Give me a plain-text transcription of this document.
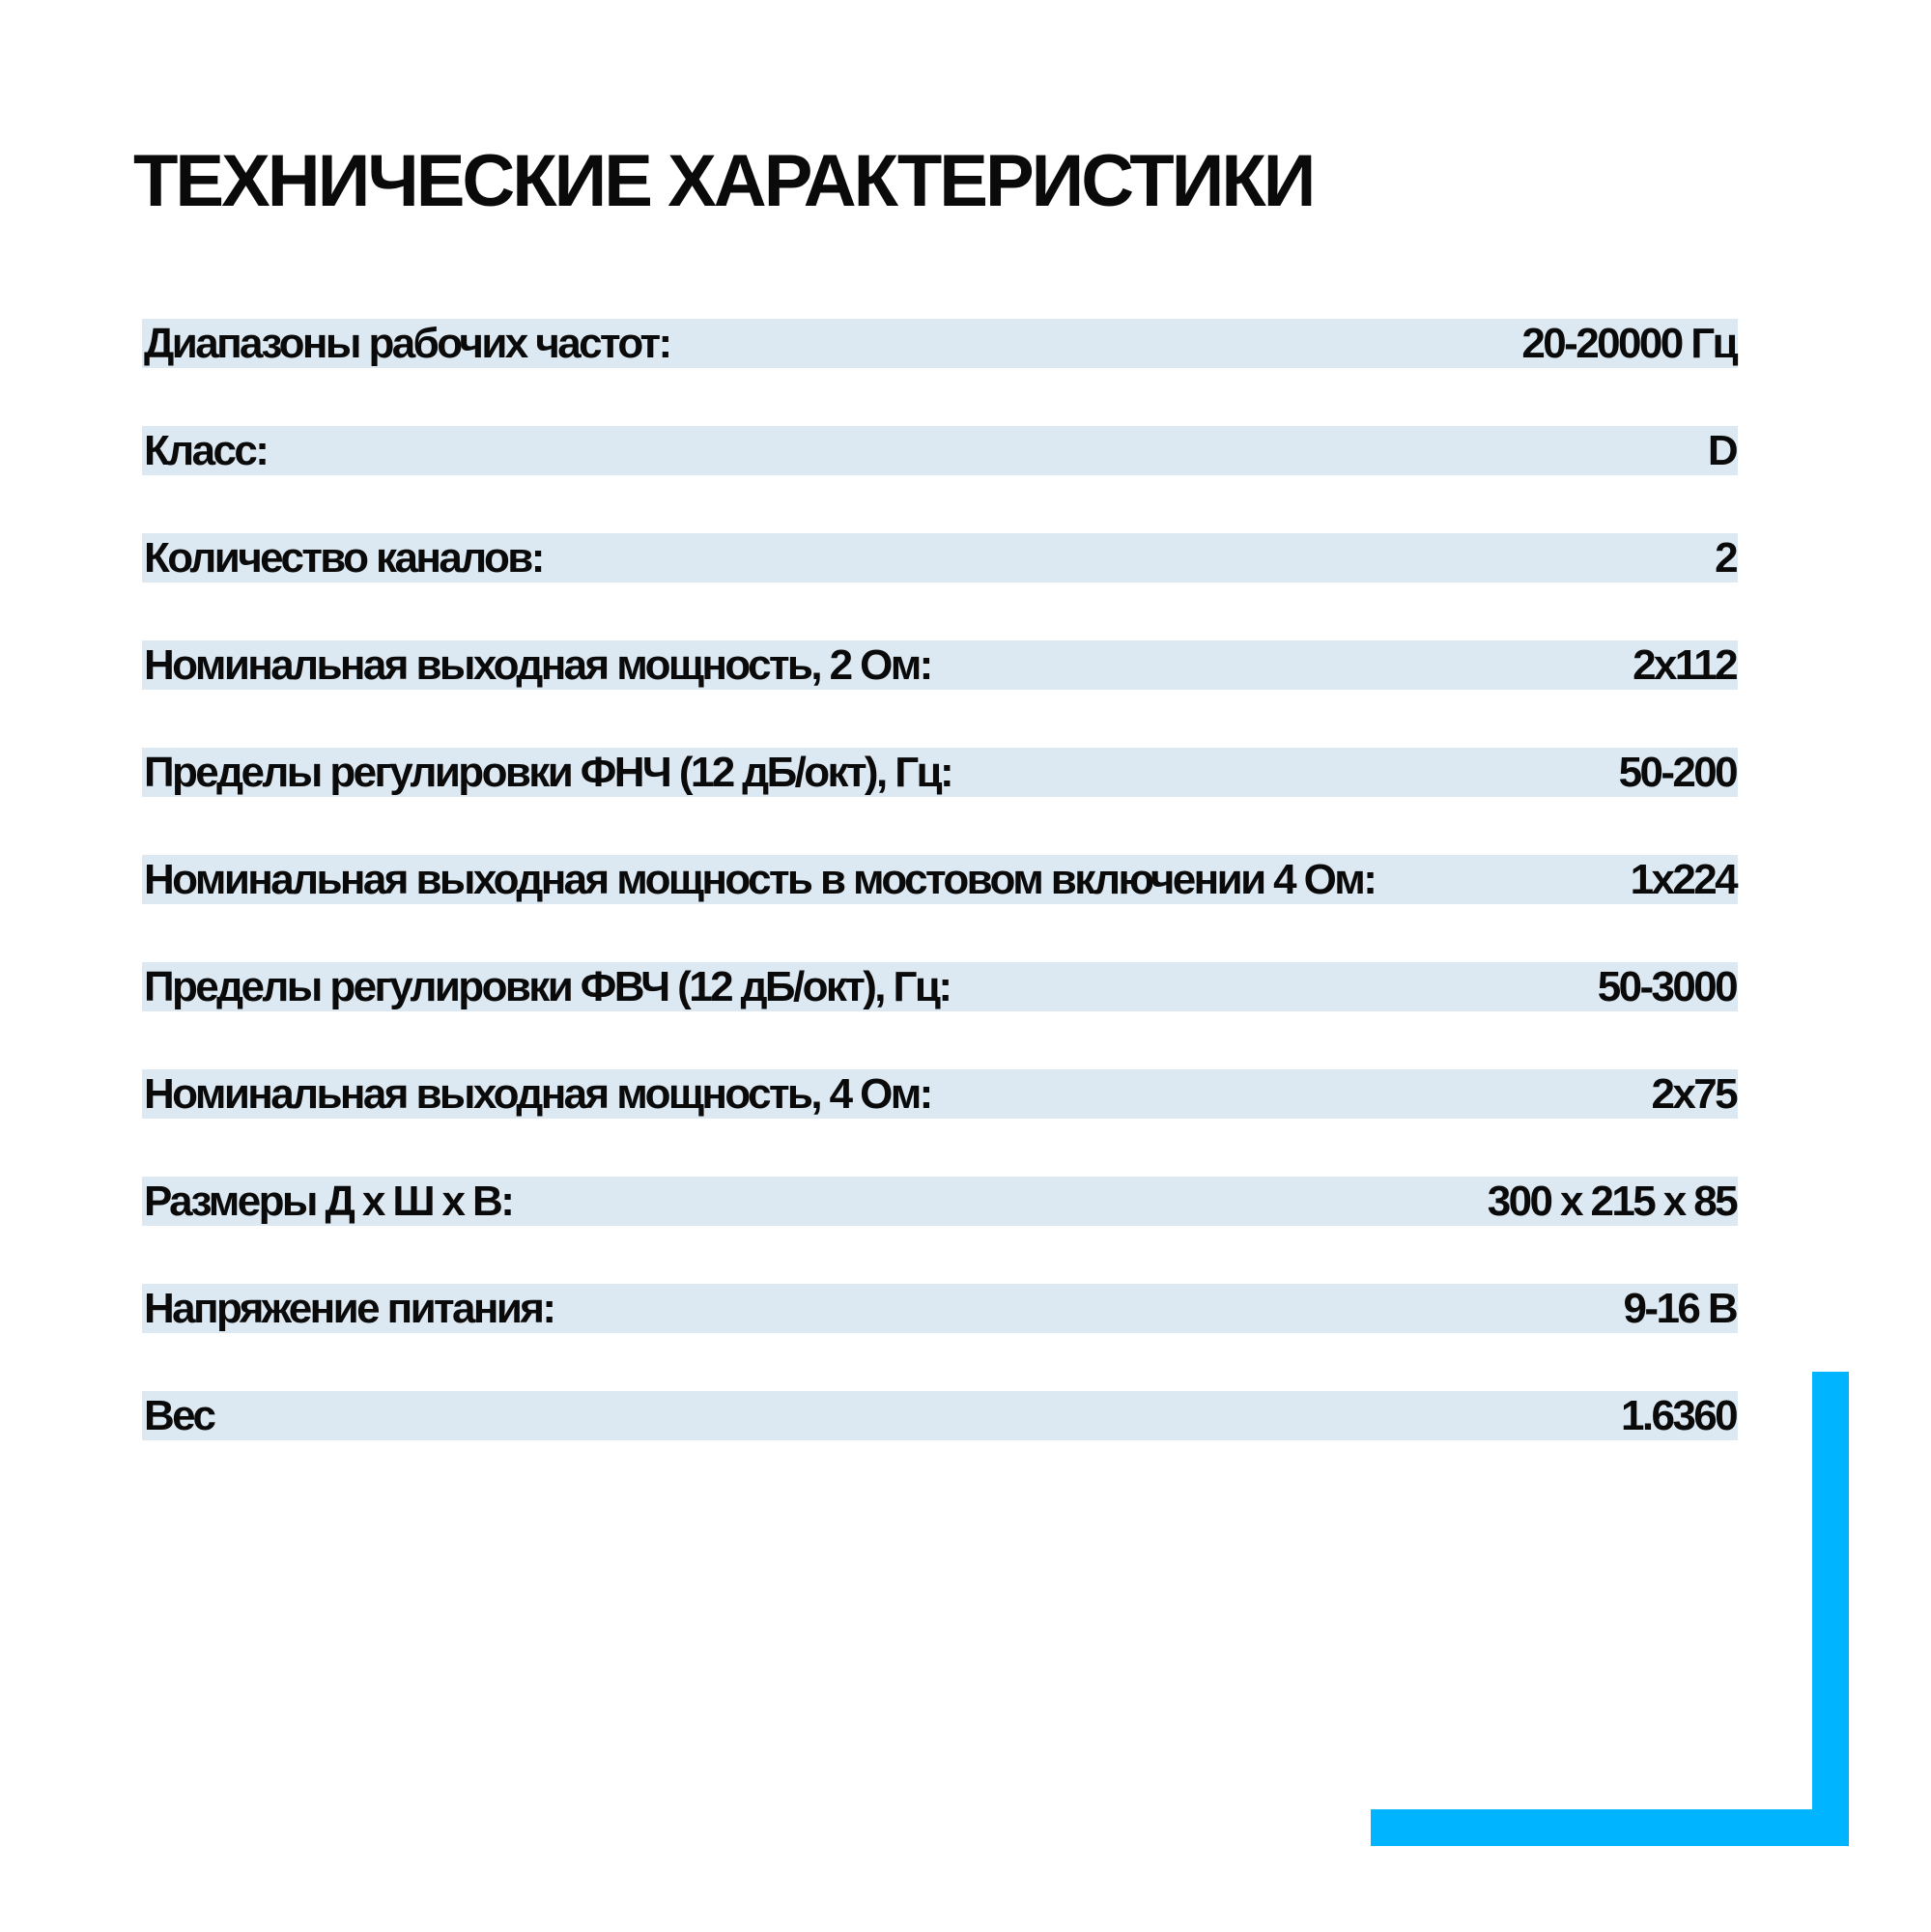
ТЕХНИЧЕСКИЕ ХАРАКТЕРИСТИКИ
Диапазоны рабочих частот:	20-20000 Гц
Класс:	D
Количество каналов:	2
Номинальная выходная мощность, 2 Ом:	2x112
Пределы регулировки ФНЧ (12 дБ/окт), Гц:	50-200
Номинальная выходная мощность в мостовом включении 4 Ом:	1x224
Пределы регулировки ФВЧ (12 дБ/окт), Гц:	50-3000
Номинальная выходная мощность, 4 Ом:	2x75
Размеры Д х Ш х В:	300 x 215 x 85
Напряжение питания:	9-16 В
Вес	1.6360
